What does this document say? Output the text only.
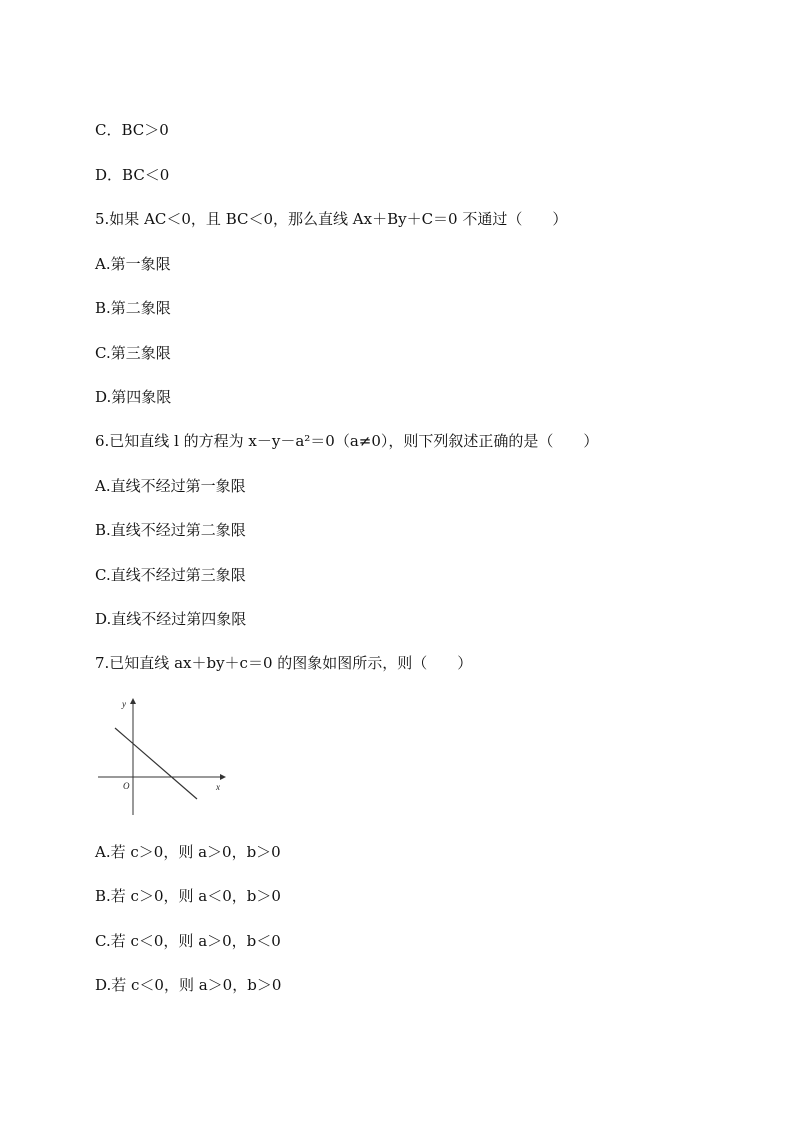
C．BC＞0
D．BC＜0
5.如果 AC＜0，且 BC＜0，那么直线 Ax＋By＋C＝0 不通过（　　）
A.第一象限
B.第二象限
C.第三象限
D.第四象限
6.已知直线 l 的方程为 x－y－a²＝0（a≠0），则下列叙述正确的是（　　）
A.直线不经过第一象限
B.直线不经过第二象限
C.直线不经过第三象限
D.直线不经过第四象限
7.已知直线 ax＋by＋c＝0 的图象如图所示，则（　　）
y
x
O
A.若 c＞0，则 a＞0，b＞0
B.若 c＞0，则 a＜0，b＞0
C.若 c＜0，则 a＞0，b＜0
D.若 c＜0，则 a＞0，b＞0
